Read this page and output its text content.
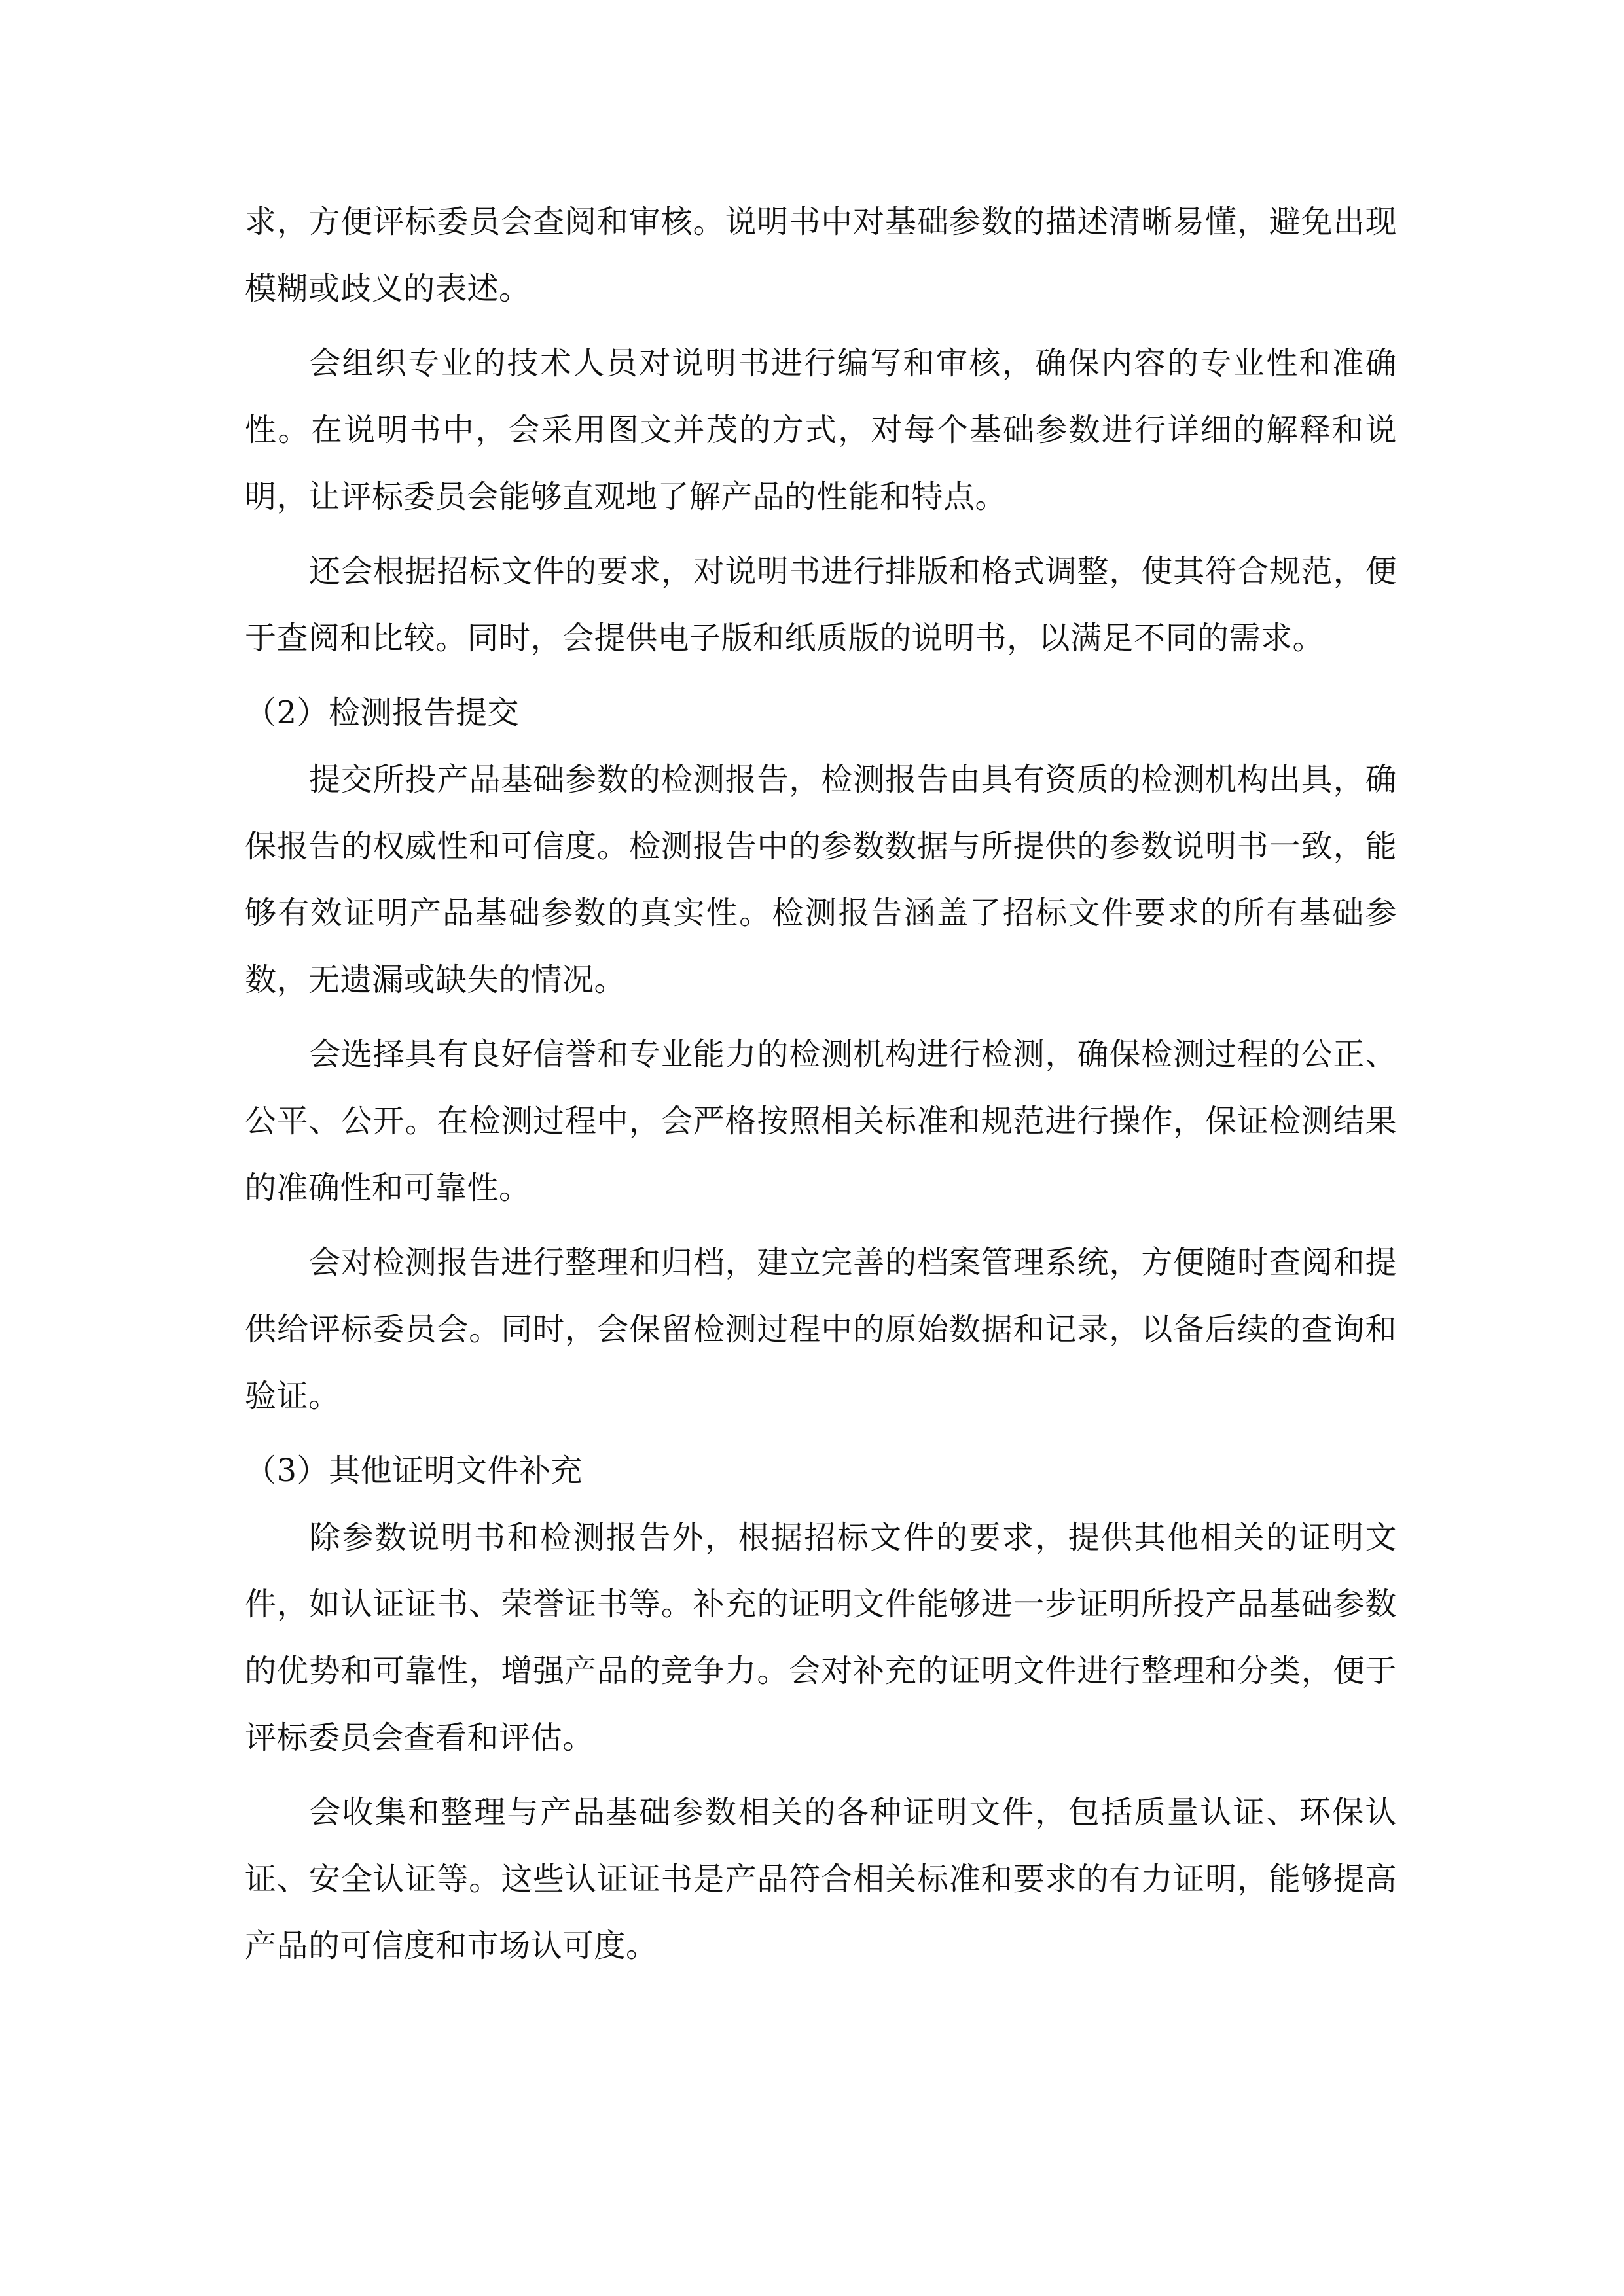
求，方便评标委员会查阅和审核。说明书中对基础参数的描述清晰易懂，避免出现模糊或歧义的表述。

会组织专业的技术人员对说明书进行编写和审核，确保内容的专业性和准确性。在说明书中，会采用图文并茂的方式，对每个基础参数进行详细的解释和说明，让评标委员会能够直观地了解产品的性能和特点。

还会根据招标文件的要求，对说明书进行排版和格式调整，使其符合规范，便于查阅和比较。同时，会提供电子版和纸质版的说明书，以满足不同的需求。

（2）检测报告提交

提交所投产品基础参数的检测报告，检测报告由具有资质的检测机构出具，确保报告的权威性和可信度。检测报告中的参数数据与所提供的参数说明书一致，能够有效证明产品基础参数的真实性。检测报告涵盖了招标文件要求的所有基础参数，无遗漏或缺失的情况。

会选择具有良好信誉和专业能力的检测机构进行检测，确保检测过程的公正、公平、公开。在检测过程中，会严格按照相关标准和规范进行操作，保证检测结果的准确性和可靠性。

会对检测报告进行整理和归档，建立完善的档案管理系统，方便随时查阅和提供给评标委员会。同时，会保留检测过程中的原始数据和记录，以备后续的查询和验证。

（3）其他证明文件补充

除参数说明书和检测报告外，根据招标文件的要求，提供其他相关的证明文件，如认证证书、荣誉证书等。补充的证明文件能够进一步证明所投产品基础参数的优势和可靠性，增强产品的竞争力。会对补充的证明文件进行整理和分类，便于评标委员会查看和评估。

会收集和整理与产品基础参数相关的各种证明文件，包括质量认证、环保认证、安全认证等。这些认证证书是产品符合相关标准和要求的有力证明，能够提高产品的可信度和市场认可度。
